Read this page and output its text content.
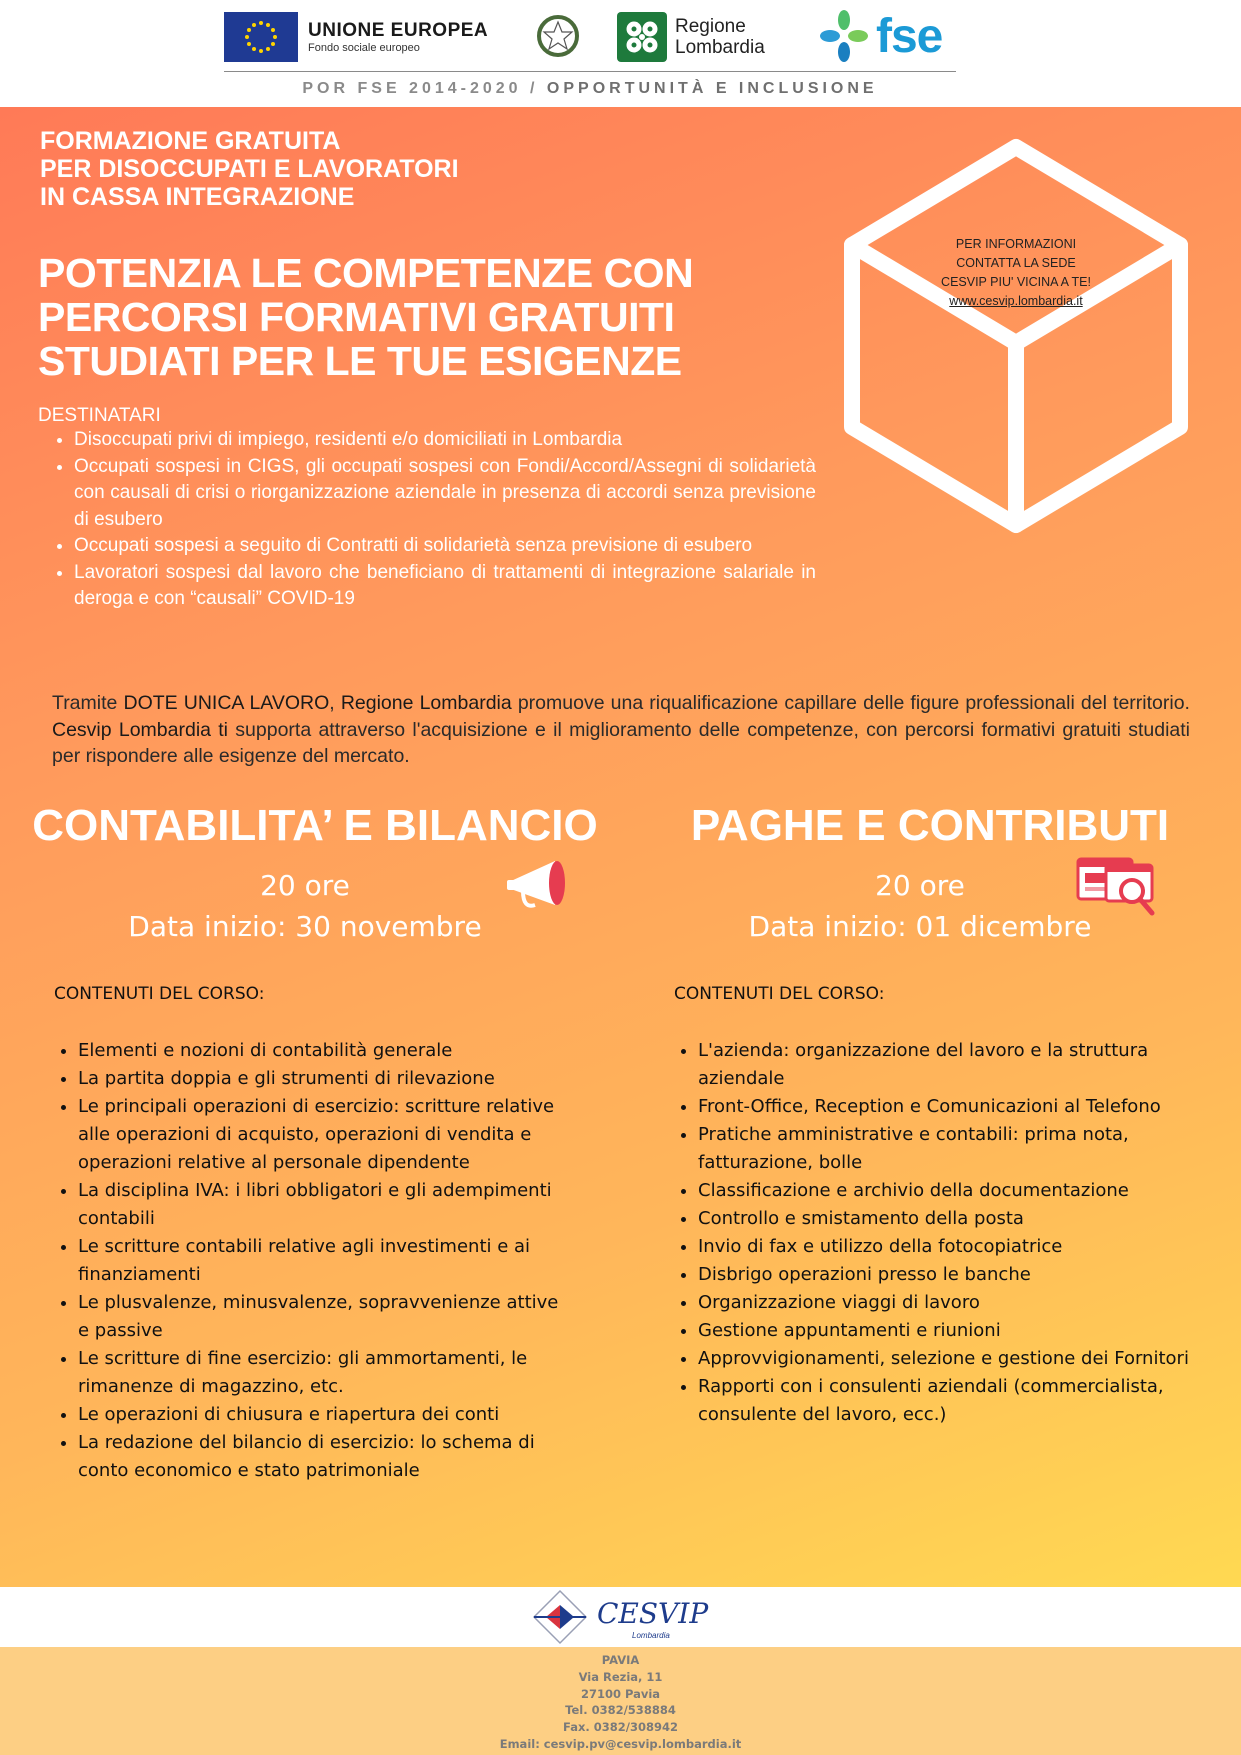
UNIONE EUROPEA
Fondo sociale europeo
Regione
Lombardia fse
POR FSE 2014-2020 / OPPORTUNITÀ E INCLUSIONE
FORMAZIONE GRATUITA
PER DISOCCUPATI E LAVORATORI
IN CASSA INTEGRAZIONE
POTENZIA LE COMPETENZE CON
PERCORSI FORMATIVI GRATUITI
STUDIATI PER LE TUE ESIGENZE
PER INFORMAZIONI
CONTATTA LA SEDE
CESVIP PIU' VICINA A TE!
www.cesvip.lombardia.it
DESTINATARI
• Disoccupati privi di impiego, residenti e/o domiciliati in Lombardia
• Occupati sospesi in CIGS, gli occupati sospesi con Fondi/Accord/Assegni di solidarietà con causali di crisi o riorganizzazione aziendale in presenza di accordi senza previsione di esubero
• Occupati sospesi a seguito di Contratti di solidarietà senza previsione di esubero
• Lavoratori sospesi dal lavoro che beneficiano di trattamenti di integrazione salariale in deroga e con “causali” COVID-19
Tramite DOTE UNICA LAVORO, Regione Lombardia promuove una riqualificazione capillare delle figure professionali del territorio. Cesvip Lombardia ti supporta attraverso l'acquisizione e il miglioramento delle competenze, con percorsi formativi gratuiti studiati per rispondere alle esigenze del mercato.
CONTABILITA’ E BILANCIO
20 ore
Data inizio: 30 novembre
CONTENUTI DEL CORSO:
• Elementi e nozioni di contabilità generale
• La partita doppia e gli strumenti di rilevazione
• Le principali operazioni di esercizio: scritture relative alle operazioni di acquisto, operazioni di vendita e operazioni relative al personale dipendente
• La disciplina IVA: i libri obbligatori e gli adempimenti contabili
• Le scritture contabili relative agli investimenti e ai finanziamenti
• Le plusvalenze, minusvalenze, sopravvenienze attive e passive
• Le scritture di fine esercizio: gli ammortamenti, le rimanenze di magazzino, etc.
• Le operazioni di chiusura e riapertura dei conti
• La redazione del bilancio di esercizio: lo schema di conto economico e stato patrimoniale
PAGHE E CONTRIBUTI
20 ore
Data inizio: 01 dicembre
CONTENUTI DEL CORSO:
• L'azienda: organizzazione del lavoro e la struttura aziendale
• Front-Office, Reception e Comunicazioni al Telefono
• Pratiche amministrative e contabili: prima nota, fatturazione, bolle
• Classificazione e archivio della documentazione
• Controllo e smistamento della posta
• Invio di fax e utilizzo della fotocopiatrice
• Disbrigo operazioni presso le banche
• Organizzazione viaggi di lavoro
• Gestione appuntamenti e riunioni
• Approvvigionamenti, selezione e gestione dei Fornitori
• Rapporti con i consulenti aziendali (commercialista, consulente del lavoro, ecc.)
CESVIP
Lombardia
PAVIA
Via Rezia, 11
27100 Pavia
Tel. 0382/538884
Fax. 0382/308942
Email: cesvip.pv@cesvip.lombardia.it
